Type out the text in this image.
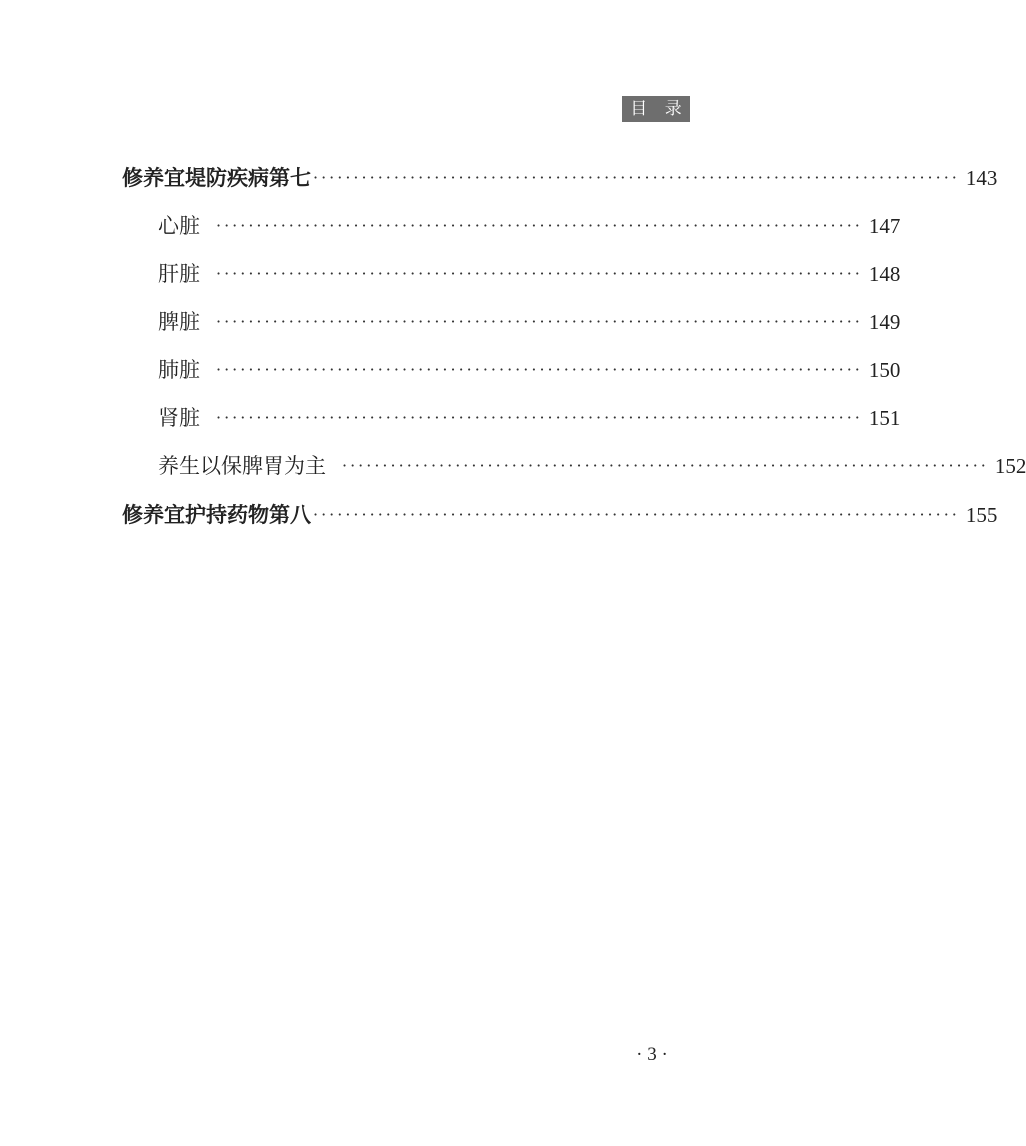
目 录
修养宜堤防疾病第七 ················································································ 143
心脏	················································································ 147
肝脏	················································································ 148
脾脏	················································································ 149
肺脏	················································································ 150
肾脏	················································································ 151
养生以保脾胃为主	················································································ 152
修养宜护持药物第八 ················································································ 155
· 3 ·
